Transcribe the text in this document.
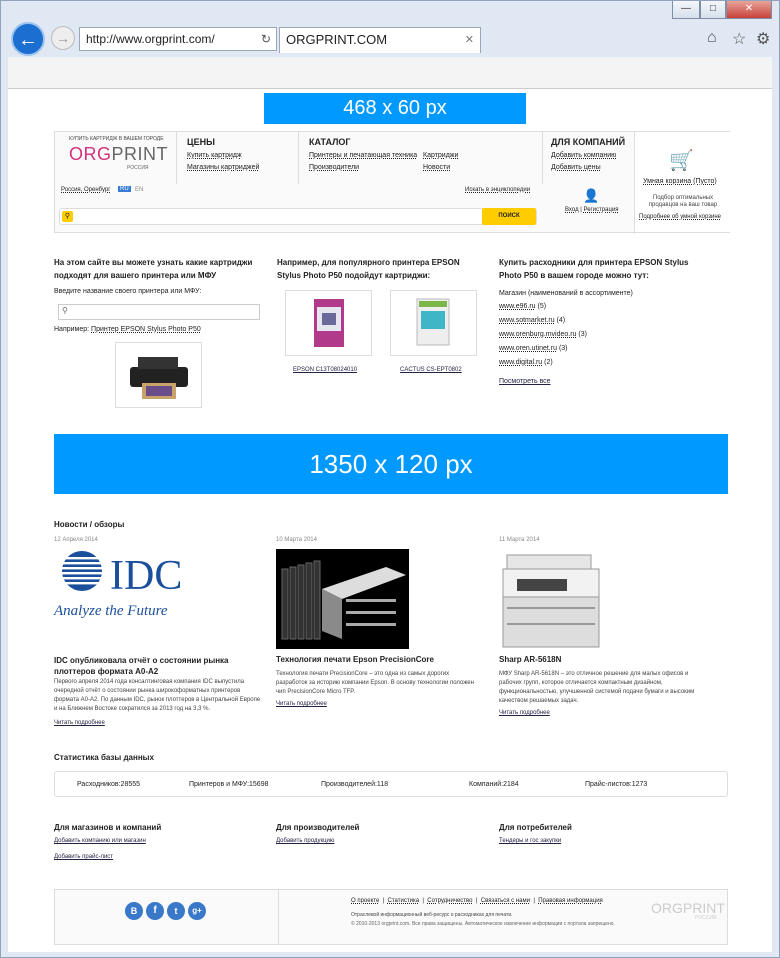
—	□	✕
←	→	http://www.orgprint.com/	↻	ORGPRINT.COM	✕	⌂ ☆ ⚙
468 x 60 px
КУПИТЬ КАРТРИДЖ В ВАШЕМ ГОРОДЕ
ORGPRINT
РОССИЯ
ЦЕНЫ
Купить картридж
Магазины картриджей
КАТАЛОГ
Принтеры и печатающая техника
Производители
Картриджи
Новости
ДЛЯ КОМПАНИЙ
Добавить компанию
Добавить цены	🛒
Умная корзина (Пусто)
Подбор оптимальных продавцов на ваш товар
Подробнее об умной корзине
Россия, Оренбург	RU	EN	Искать в энциклопедии
⚲	ПОИСК
👤
Вход | Регистрация
На этом сайте вы можете узнать какие картриджи подходят для вашего принтера или МФУ
Введите название своего принтера или МФУ:
⚲
Например: Принтер EPSON Stylus Photo P50
Например, для популярного принтера EPSON Stylus Photo P50 подойдут картриджи:
EPSON C13T08024010	CACTUS CS-EPT0802
Купить расходники для принтера EPSON Stylus Photo P50 в вашем городе можно тут:
Магазин (наименований в ассортименте)
www.e96.ru (5)
www.sotmarket.ru (4)
www.orenburg.mvideo.ru (3)
www.oren.utinet.ru (3)
www.digital.ru (2)
Посмотреть все
1350 x 120 px
Новости / обзоры
12 Апреля 2014
IDC
Analyze the Future
IDC опубликовала отчёт о состоянии рынка плоттеров формата A0-A2
Первого апреля 2014 года консалтинговая компания IDC выпустила очередной отчёт о состоянии рынка широкоформатных принтеров формата A0-A2. По данным IDC, рынок плоттеров в Центральной Европе и на Ближнем Востоке сократился за 2013 год на 3,3 %.
Читать подробнее
10 Марта 2014
Технология печати Epson PrecisionCore
Технология печати PrecisionCore – это одна из самых дорогих разработок за историю компании Epson. В основу технологии положен чип PrecisionCore Micro TFP.
Читать подробнее
11 Марта 2014
Sharp AR-5618N
МФУ Sharp AR-5618N – это отличное решение для малых офисов и рабочих групп, которое отличается компактным дизайном, функциональностью, улучшенной системой подачи бумаги и высоким качеством решаемых задач.
Читать подробнее
Статистика базы данных
Расходников:28555	Принтеров и МФУ:15698	Производителей:118	Компаний:2184	Прайс-листов:1273
Для магазинов и компаний
Добавить компанию или магазин
Добавить прайс-лист
Для производителей
Добавить продукцию
Для потребителей
Тендеры и гос закупки
B	f	t	g+
О проекте  |  Статистика  |  Сотрудничество  |  Связаться с нами  |  Правовая информация
Отраслевой информационный веб-ресурс о расходниках для печати.
© 2010-2013 orgprint.com. Все права защищены. Автоматическое извлечение информации с портала запрещено.
ORGPRINT
РОССИЯ
